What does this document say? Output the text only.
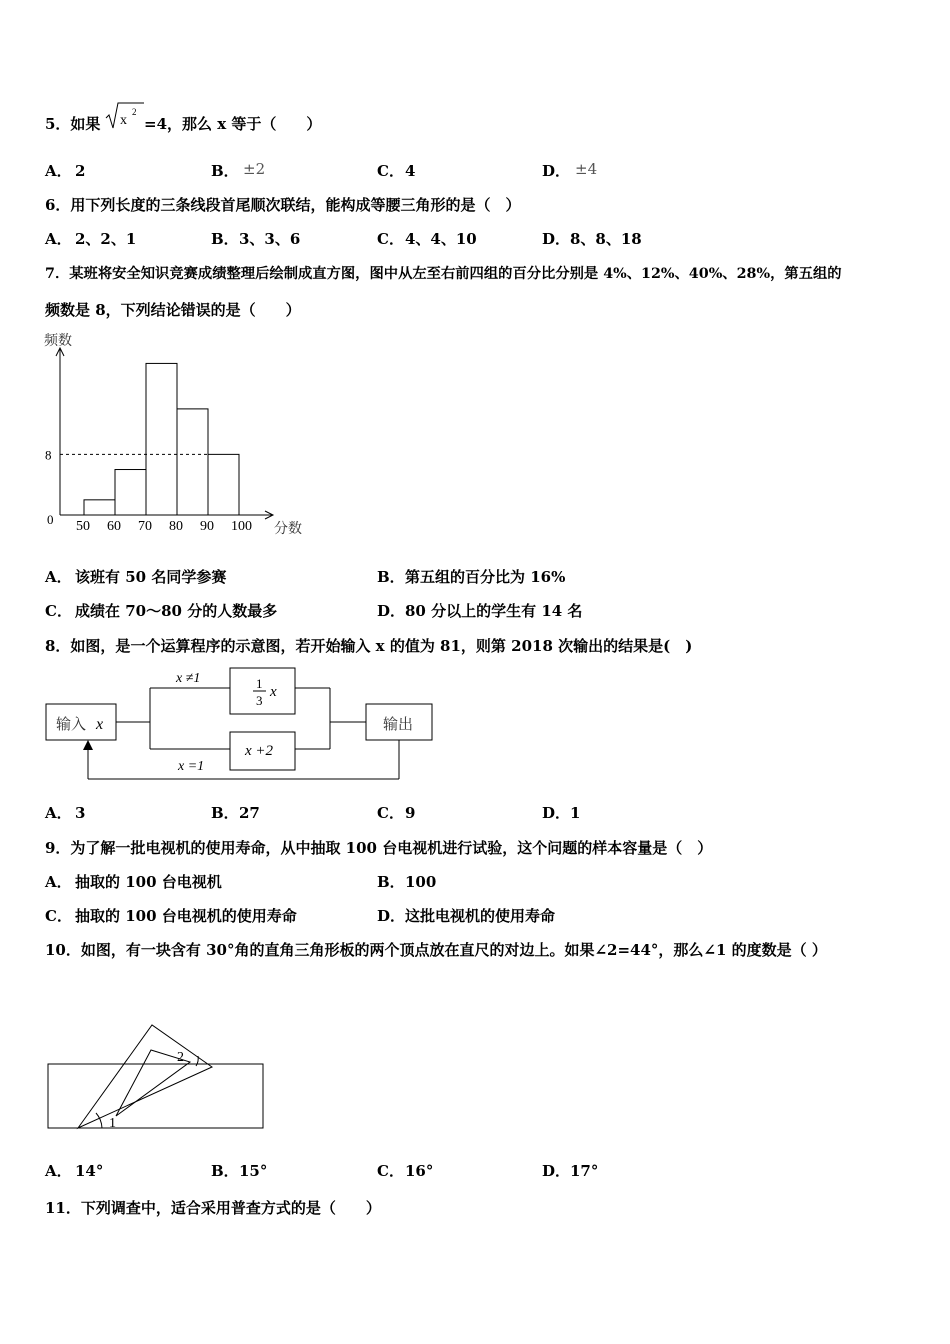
5．如果 x
2
=4，那么 x 等于（　　）
A． 2	B． ±2	C． 4	D． ±4
6．用下列长度的三条线段首尾顺次联结，能构成等腰三角形的是（　）
A． 2、2、1	B． 3、3、6	C． 4、4、10	D． 8、8、18
7．某班将安全知识竞赛成绩整理后绘制成直方图，图中从左至右前四组的百分比分别是 4%、12%、40%、28%，第五组的
频数是 8，下列结论错误的是（　　）
频数
分数
0
8
50 60 70 80 90 100
A． 该班有 50 名同学参赛	B． 第五组的百分比为 16%
C． 成绩在 70～80 分的人数最多	D． 80 分以上的学生有 14 名
8．如图，是一个运算程序的示意图，若开始输入 x 的值为 81，则第 2018 次输出的结果是(　)
输入 x	输出
x ≠1
x =1
1
3
x
x +2
A． 3	B． 27	C． 9	D． 1
9．为了解一批电视机的使用寿命，从中抽取 100 台电视机进行试验，这个问题的样本容量是（　）
A． 抽取的 100 台电视机	B． 100
C． 抽取的 100 台电视机的使用寿命	D． 这批电视机的使用寿命
10．如图，有一块含有 30°角的直角三角形板的两个顶点放在直尺的对边上。如果∠2=44°，那么∠1 的度数是（ ）
1
2
A． 14°	B． 15°	C． 16°	D． 17°
11．下列调查中，适合采用普查方式的是（　　）
